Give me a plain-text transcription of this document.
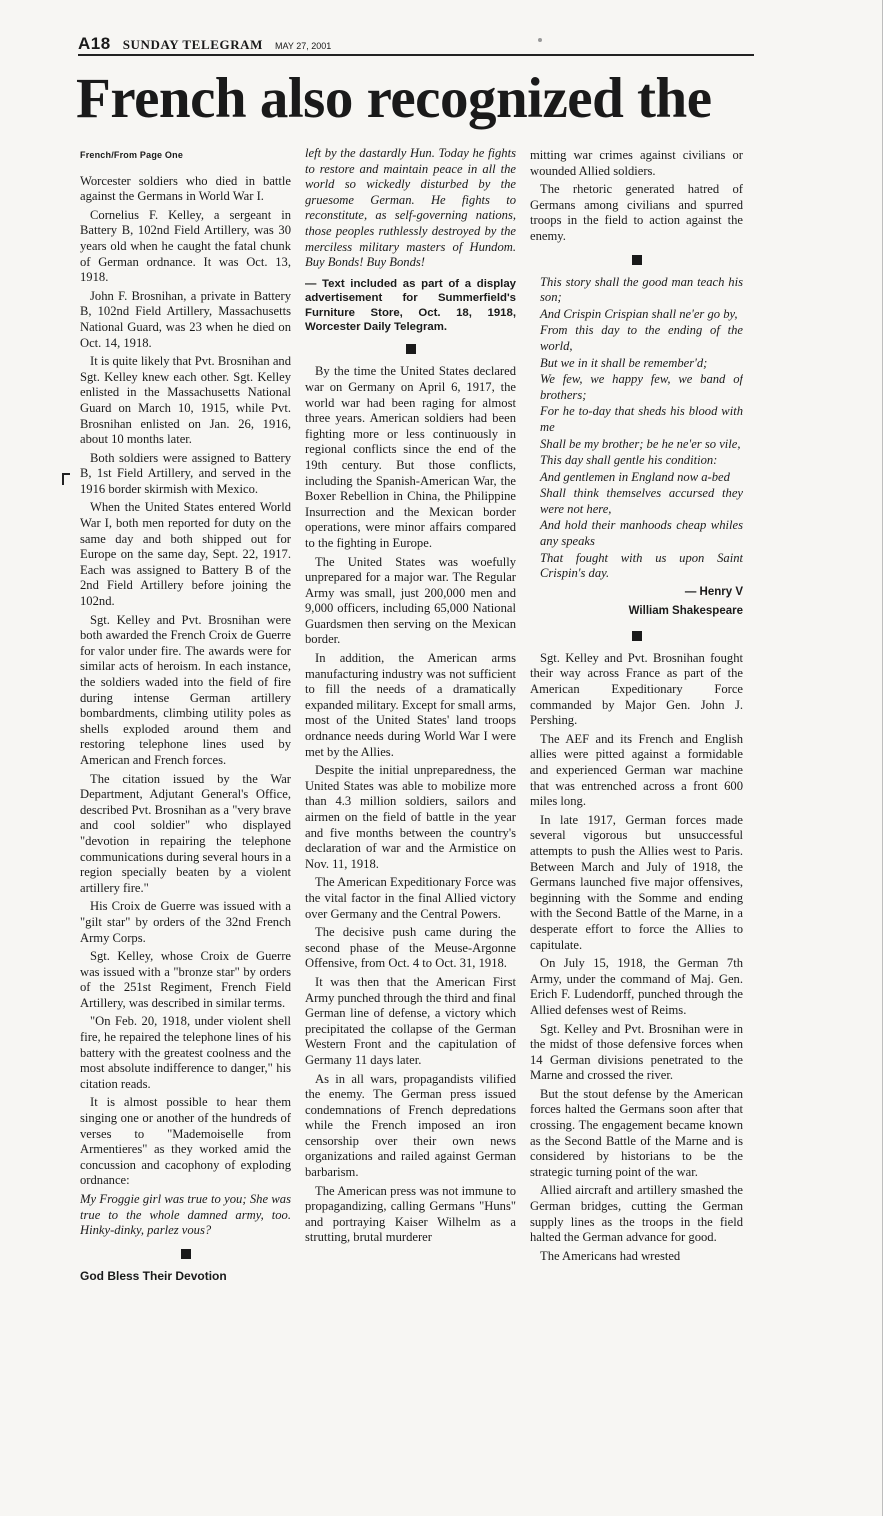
A18 SUNDAY TELEGRAM MAY 27, 2001
French also recognized the
French/From Page One

Worcester soldiers who died in battle against the Germans in World War I.

Cornelius F. Kelley, a sergeant in Battery B, 102nd Field Artillery, was 30 years old when he caught the fatal chunk of German ordnance. It was Oct. 13, 1918.

John F. Brosnihan, a private in Battery B, 102nd Field Artillery, Massachusetts National Guard, was 23 when he died on Oct. 14, 1918.

It is quite likely that Pvt. Brosnihan and Sgt. Kelley knew each other. Sgt. Kelley enlisted in the Massachusetts National Guard on March 10, 1915, while Pvt. Brosnihan enlisted on Jan. 26, 1916, about 10 months later.

Both soldiers were assigned to Battery B, 1st Field Artillery, and served in the 1916 border skirmish with Mexico.

When the United States entered World War I, both men reported for duty on the same day and both shipped out for Europe on the same day, Sept. 22, 1917. Each was assigned to Battery B of the 2nd Field Artillery before joining the 102nd.

Sgt. Kelley and Pvt. Brosnihan were both awarded the French Croix de Guerre for valor under fire. The awards were for similar acts of heroism. In each instance, the soldiers waded into the field of fire during intense German artillery bombardments, climbing utility poles as shells exploded around them and restoring telephone lines used by American and French forces.

The citation issued by the War Department, Adjutant General's Office, described Pvt. Brosnihan as a "very brave and cool soldier" who displayed "devotion in repairing the telephone communications during several hours in a region specially beaten by a violent artillery fire."

His Croix de Guerre was issued with a "gilt star" by orders of the 32nd French Army Corps.

Sgt. Kelley, whose Croix de Guerre was issued with a "bronze star" by orders of the 251st Regiment, French Field Artillery, was described in similar terms.

"On Feb. 20, 1918, under violent shell fire, he repaired the telephone lines of his battery with the greatest coolness and the most absolute indifference to danger," his citation reads.

It is almost possible to hear them singing one or another of the hundreds of verses to "Mademoiselle from Armentieres" as they worked amid the concussion and cacophony of exploding ordnance:

My Froggie girl was true to you; She was true to the whole damned army, too. Hinky-dinky, parlez vous?

God Bless Their Devotion

left by the dastardly Hun. Today he fights to restore and maintain peace in all the world so wickedly disturbed by the gruesome German. He fights to reconstitute, as self-governing nations, those peoples ruthlessly destroyed by the merciless military masters of Hundom. Buy Bonds! Buy Bonds!

— Text included as part of a display advertisement for Summerfield's Furniture Store, Oct. 18, 1918, Worcester Daily Telegram.

By the time the United States declared war on Germany on April 6, 1917, the world war had been raging for almost three years. American soldiers had been fighting more or less continuously in regional conflicts since the end of the 19th century. But those conflicts, including the Spanish-American War, the Boxer Rebellion in China, the Philippine Insurrection and the Mexican border operations, were minor affairs compared to the fighting in Europe.

The United States was woefully unprepared for a major war. The Regular Army was small, just 200,000 men and 9,000 officers, including 65,000 National Guardsmen then serving on the Mexican border.

In addition, the American arms manufacturing industry was not sufficient to fill the needs of a dramatically expanded military. Except for small arms, most of the United States' land troops ordnance needs during World War I were met by the Allies.

Despite the initial unpreparedness, the United States was able to mobilize more than 4.3 million soldiers, sailors and airmen on the field of battle in the year and five months between the country's declaration of war and the Armistice on Nov. 11, 1918.

The American Expeditionary Force was the vital factor in the final Allied victory over Germany and the Central Powers.

The decisive push came during the second phase of the Meuse-Argonne Offensive, from Oct. 4 to Oct. 31, 1918.

It was then that the American First Army punched through the third and final German line of defense, a victory which precipitated the collapse of the German Western Front and the capitulation of Germany 11 days later.

As in all wars, propagandists vilified the enemy. The German press issued condemnations of French depredations while the French imposed an iron censorship over their own news organizations and railed against German barbarism.

The American press was not immune to propagandizing, calling Germans "Huns" and portraying Kaiser Wilhelm as a strutting, brutal murderer

mitting war crimes against civilians or wounded Allied soldiers.

The rhetoric generated hatred of Germans among civilians and spurred troops in the field to action against the enemy.

This story shall the good man teach his son;

And Crispin Crispian shall ne'er go by,

From this day to the ending of the world,

But we in it shall be remember'd;

We few, we happy few, we band of brothers;

For he to-day that sheds his blood with me

Shall be my brother; be he ne'er so vile,

This day shall gentle his condition:

And gentlemen in England now a-bed

Shall think themselves accursed they were not here,

And hold their manhoods cheap whiles any speaks

That fought with us upon Saint Crispin's day.

— Henry V
William Shakespeare

Sgt. Kelley and Pvt. Brosnihan fought their way across France as part of the American Expeditionary Force commanded by Major Gen. John J. Pershing.

The AEF and its French and English allies were pitted against a formidable and experienced German war machine that was entrenched across a front 600 miles long.

In late 1917, German forces made several vigorous but unsuccessful attempts to push the Allies west to Paris. Between March and July of 1918, the Germans launched five major offensives, beginning with the Somme and ending with the Second Battle of the Marne, in a desperate effort to force the Allies to capitulate.

On July 15, 1918, the German 7th Army, under the command of Maj. Gen. Erich F. Ludendorff, punched through the Allied defenses west of Reims.

Sgt. Kelley and Pvt. Brosnihan were in the midst of those defensive forces when 14 German divisions penetrated to the Marne and crossed the river.

But the stout defense by the American forces halted the Germans soon after that crossing. The engagement became known as the Second Battle of the Marne and is considered by historians to be the strategic turning point of the war.

Allied aircraft and artillery smashed the German bridges, cutting the German supply lines as the troops in the field halted the German advance for good.

The Americans had wrested
